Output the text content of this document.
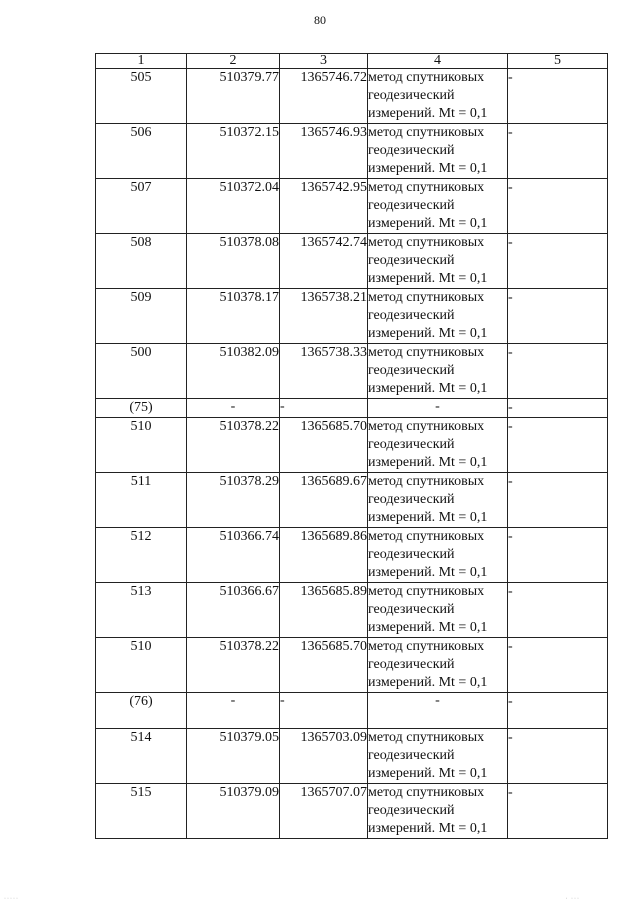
80
1	2	3	4	5
505	510379.77	1365746.72	метод спутниковых
геодезический
измерений. Mt = 0,1	-
506	510372.15	1365746.93	метод спутниковых
геодезический
измерений. Mt = 0,1	-
507	510372.04	1365742.95	метод спутниковых
геодезический
измерений. Mt = 0,1	-
508	510378.08	1365742.74	метод спутниковых
геодезический
измерений. Mt = 0,1	-
509	510378.17	1365738.21	метод спутниковых
геодезический
измерений. Mt = 0,1	-
500	510382.09	1365738.33	метод спутниковых
геодезический
измерений. Mt = 0,1	-
(75)	-	-	-	-
510	510378.22	1365685.70	метод спутниковых
геодезический
измерений. Mt = 0,1	-
511	510378.29	1365689.67	метод спутниковых
геодезический
измерений. Mt = 0,1	-
512	510366.74	1365689.86	метод спутниковых
геодезический
измерений. Mt = 0,1	-
513	510366.67	1365685.89	метод спутниковых
геодезический
измерений. Mt = 0,1	-
510	510378.22	1365685.70	метод спутниковых
геодезический
измерений. Mt = 0,1	-
(76)	-	-	-	-
514	510379.05	1365703.09	метод спутниковых
геодезический
измерений. Mt = 0,1	-
515	510379.09	1365707.07	метод спутниковых
геодезический
измерений. Mt = 0,1	-
·····	· ···
